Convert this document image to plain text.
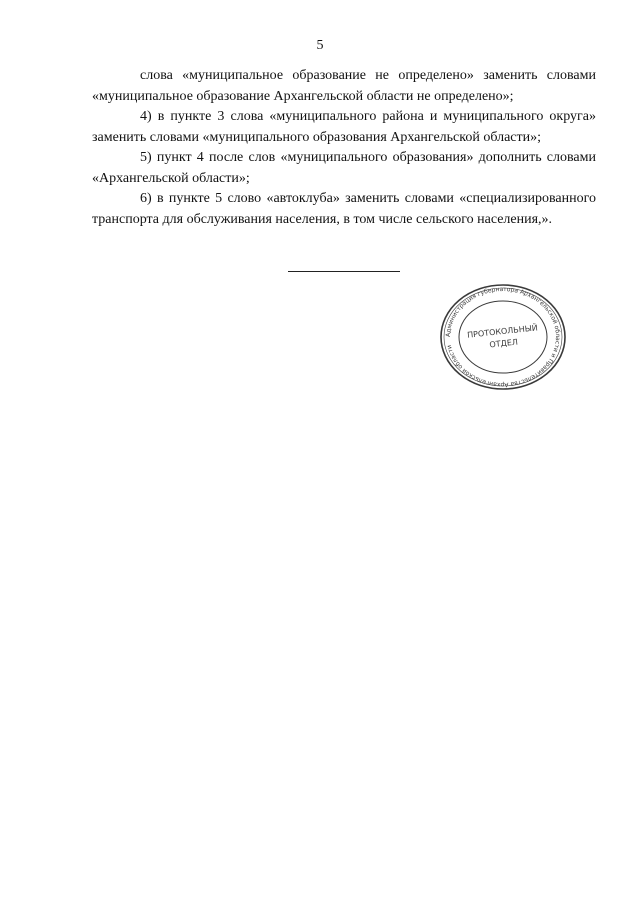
5

слова «муниципальное образование не определено» заменить словами «муниципальное образование Архангельской области не определено»;

4) в пункте 3 слова «муниципального района и муниципального округа» заменить словами «муниципального образования Архангельской области»;

5) пункт 4 после слов «муниципального образования» дополнить словами «Архангельской области»;

6) в пункте 5 слово «автоклуба» заменить словами «специализированного транспорта для обслуживания населения, в том числе сельского населения,».

Администрация губернатора Архангельской области и Правительства Архангельской области
ПРОТОКОЛЬНЫЙ
ОТДЕЛ
